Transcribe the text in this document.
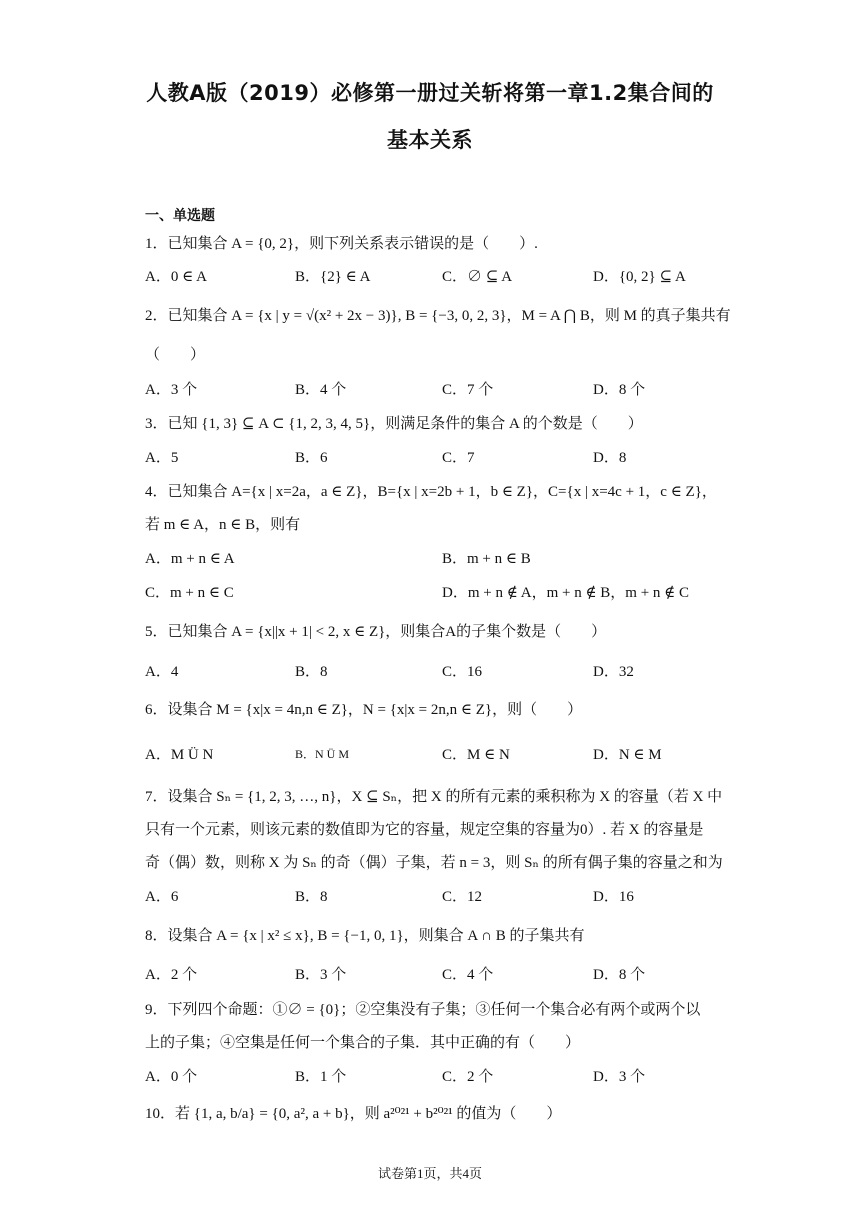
人教A版（2019）必修第一册过关斩将第一章1.2集合间的
基本关系
一、单选题
1．已知集合 A = {0, 2}，则下列关系表示错误的是（　　）.
A．0 ∈ A	B．{2} ∈ A	C．∅ ⊆ A	D．{0, 2} ⊆ A
2．已知集合 A = {x | y = √(x² + 2x − 3)}, B = {−3, 0, 2, 3}，M = A ⋂ B，则 M 的真子集共有
（　　）
A．3 个	B．4 个	C．7 个	D．8 个
3．已知 {1, 3} ⊆ A ⊂ {1, 2, 3, 4, 5}，则满足条件的集合 A 的个数是（　　）
A．5	B．6	C．7	D．8
4．已知集合 A={x | x=2a，a ∈ Z}，B={x | x=2b + 1，b ∈ Z}，C={x | x=4c + 1，c ∈ Z}，
若 m ∈ A，n ∈ B，则有
A．m + n ∈ A	B．m + n ∈ B
C．m + n ∈ C	D．m + n ∉ A，m + n ∉ B，m + n ∉ C
5．已知集合 A = {x||x + 1| < 2, x ∈ Z}，则集合A的子集个数是（　　）
A．4	B．8	C．16	D．32
6．设集合 M = {x|x = 4n,n ∈ Z}，N = {x|x = 2n,n ∈ Z}，则（　　）
A．M Ü N	B．N Ü M	C．M ∈ N	D．N ∈ M
7．设集合 Sₙ = {1, 2, 3, …, n}，X ⊆ Sₙ，把 X 的所有元素的乘积称为 X 的容量（若 X 中
只有一个元素，则该元素的数值即为它的容量，规定空集的容量为0）. 若 X 的容量是
奇（偶）数，则称 X 为 Sₙ 的奇（偶）子集，若 n = 3，则 Sₙ 的所有偶子集的容量之和为
A．6	B．8	C．12	D．16
8．设集合 A = {x | x² ≤ x}, B = {−1, 0, 1}，则集合 A ∩ B 的子集共有
A．2 个	B．3 个	C．4 个	D．8 个
9．下列四个命题：①∅ = {0}；②空集没有子集；③任何一个集合必有两个或两个以
上的子集；④空集是任何一个集合的子集．其中正确的有（　　）
A．0 个	B．1 个	C．2 个	D．3 个
10．若 {1, a, b/a} = {0, a², a + b}，则 a²⁰²¹ + b²⁰²¹ 的值为（　　）
试卷第1页，共4页
